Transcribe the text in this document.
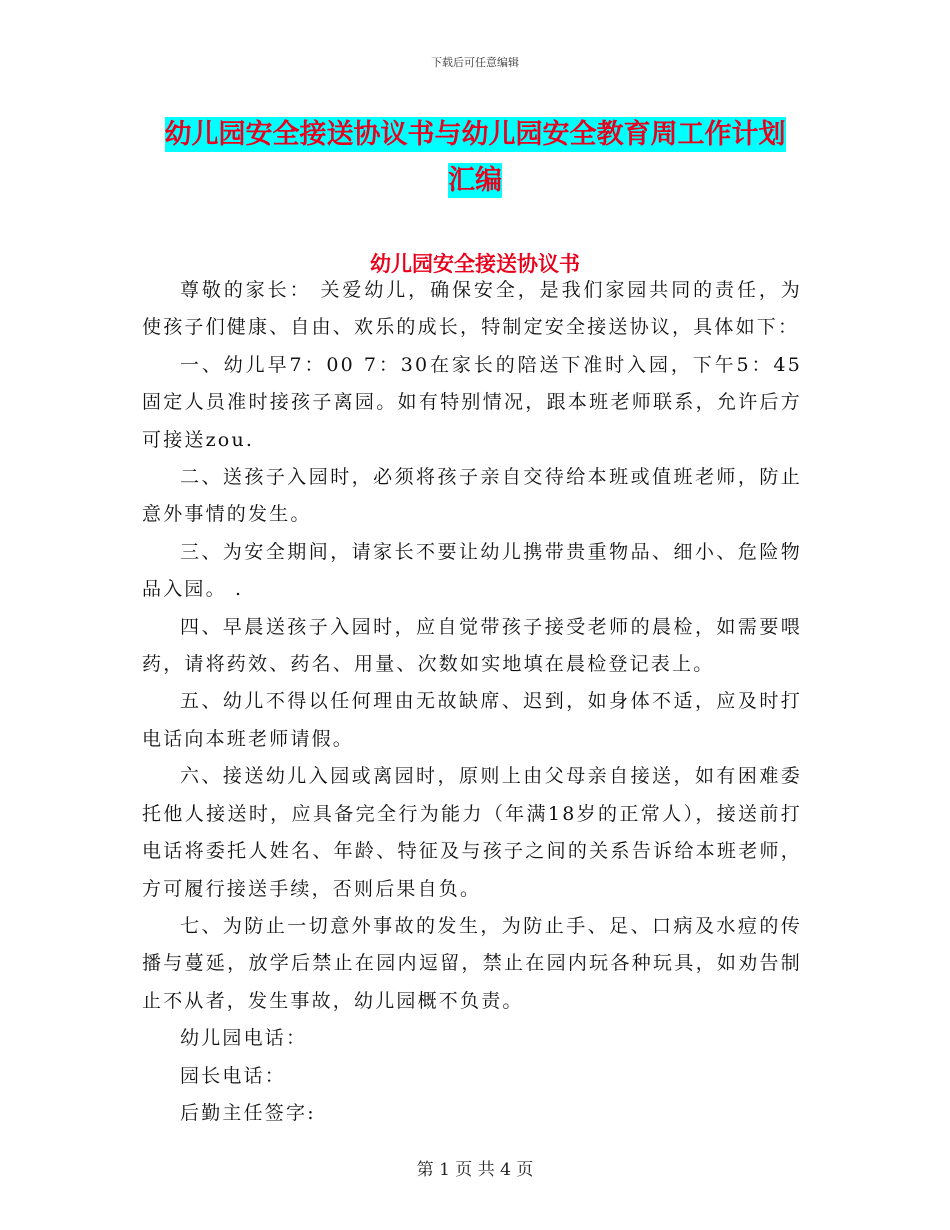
下载后可任意编辑
幼儿园安全接送协议书与幼儿园安全教育周工作计划
汇编
幼儿园安全接送协议书

尊敬的家长： 关爱幼儿，确保安全，是我们家园共同的责任，为使孩子们健康、自由、欢乐的成长，特制定安全接送协议，具体如下：

一、幼儿早7：00 7：30在家长的陪送下准时入园，下午5：45固定人员准时接孩子离园。如有特别情况，跟本班老师联系，允许后方可接送zou.

二、送孩子入园时，必须将孩子亲自交待给本班或值班老师，防止意外事情的发生。

三、为安全期间，请家长不要让幼儿携带贵重物品、细小、危险物品入园。 .

四、早晨送孩子入园时，应自觉带孩子接受老师的晨检，如需要喂药，请将药效、药名、用量、次数如实地填在晨检登记表上。

五、幼儿不得以任何理由无故缺席、迟到，如身体不适，应及时打电话向本班老师请假。

六、接送幼儿入园或离园时，原则上由父母亲自接送，如有困难委托他人接送时，应具备完全行为能力（年满18岁的正常人），接送前打电话将委托人姓名、年龄、特征及与孩子之间的关系告诉给本班老师，方可履行接送手续，否则后果自负。

七、为防止一切意外事故的发生，为防止手、足、口病及水痘的传播与蔓延，放学后禁止在园内逗留，禁止在园内玩各种玩具，如劝告制止不从者，发生事故，幼儿园概不负责。

幼儿园电话：

园长电话：

后勤主任签字:

第 1 页 共 4 页
